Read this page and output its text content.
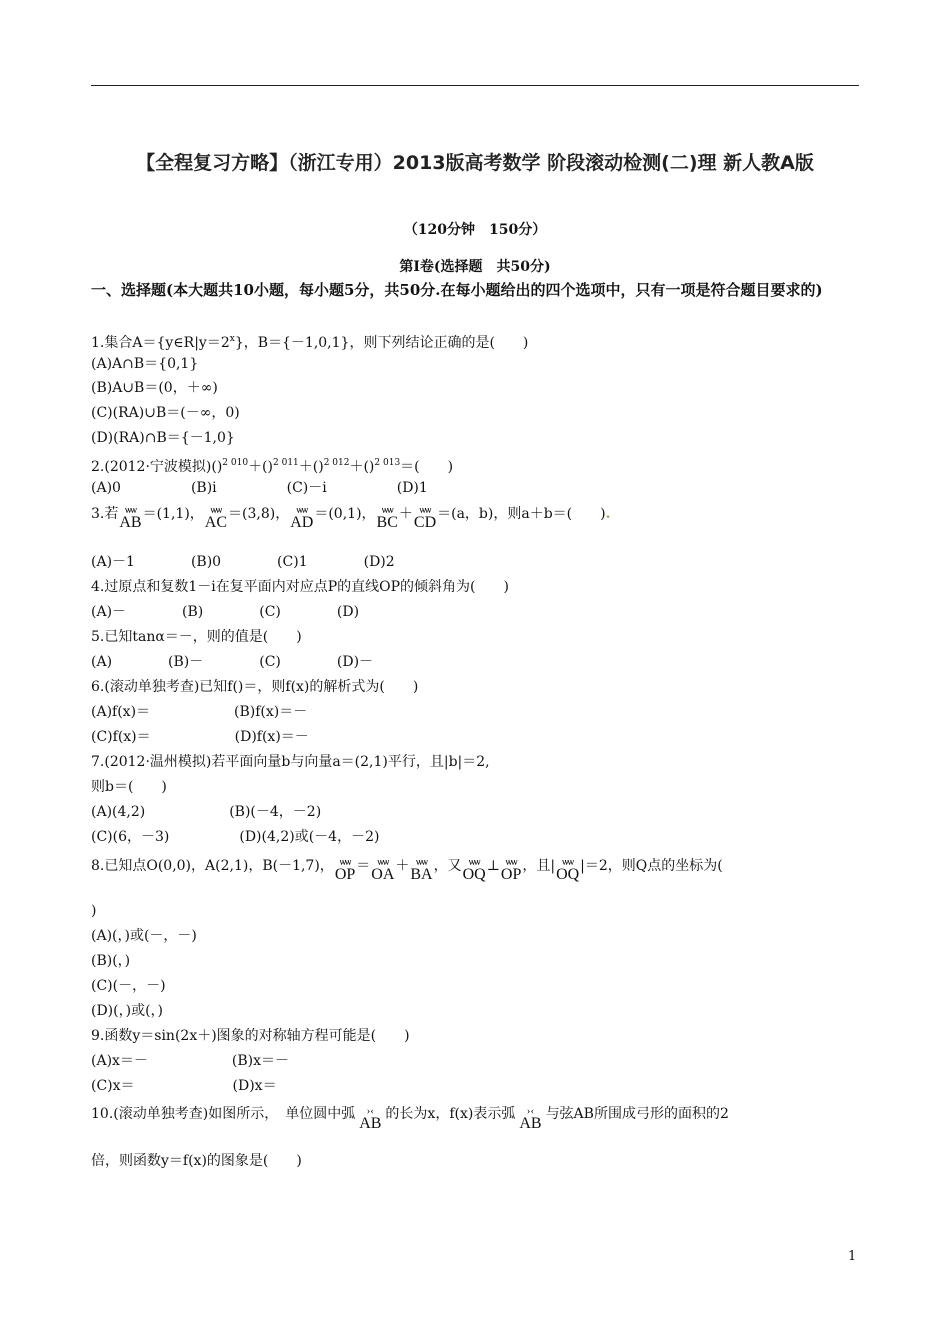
【全程复习方略】（浙江专用）2013版高考数学 阶段滚动检测(二)理 新人教A版
（120分钟　150分）
第Ⅰ卷(选择题　共50分)
一、选择题(本大题共10小题，每小题5分，共50分.在每小题给出的四个选项中，只有一项是符合题目要求的)
1.集合$A=\{y\in R|y=2^x\}$，B＝{－1,0,1}，则下列结论正确的是(　　)
(A)A∩B＝{0,1}
(B)A∪B＝(0，＋∞)
(C)(RA)∪B＝(－∞，0)
(D)(RA)∩B＝{－1,0}
2.(2012·宁波模拟)()$^{2 010}$＋()$^{2 011}$＋()$^{2 012}$＋()$^{2 013}$＝(　　)
(A)0　　　　　(B)i　　　　　(C)－i　　　　　(D)1
3.若 ѡѡ
AB＝(1,1)， ѡѡ
AC＝(3,8)， ѡѡ
AD＝(0,1)， ѡѡ
BC＋ ѡѡ
CD＝(a，b)，则a＋b＝(　　).
(A)－1　　　　(B)0　　　　(C)1　　　　(D)2
4.过原点和复数1－i在复平面内对应点P的直线OP的倾斜角为(　　)
(A)－　　　　(B)　　　　(C)　　　　(D)
5.已知tanα＝－，则的值是(　　)
(A)　　　　(B)－　　　　(C)　　　　(D)－
6.(滚动单独考查)已知f()＝，则f(x)的解析式为(　　)
(A)f(x)＝　　　　　　(B)f(x)＝－
(C)f(x)＝　　　　　　(D)f(x)＝－
7.(2012·温州模拟)若平面向量b与向量a＝(2,1)平行，且|b|＝2,
则b＝(　　)
(A)(4,2)　　　　　　(B)(－4，－2)
(C)(6，－3)　　　　　(D)(4,2)或(－4，－2)
8.已知点O(0,0)，A(2,1)，B(－1,7)， ѡѡ
OP＝ ѡѡ
OA＋ ѡѡ
BA，又 ѡѡ
OQ⊥ ѡѡ
OP，且| ѡѡ
OQ|＝2，则Q点的坐标为(
)
(A)(，)或(－，－)
(B)(，)
(C)(－，－)
(D)(，)或(，)
9.函数y＝sin(2x＋)图象的对称轴方程可能是(　　)
(A)x＝－　　　　　　(B)x＝－
(C)x＝　　　　　　　(D)x＝
10.(滚动单独考查)如图所示，　单位圆中弧	›‹
AB的长为x，f(x)表示弧	›‹
AB与弦AB所围成弓形的面积的2
倍，则函数y＝f(x)的图象是(　　)
1
